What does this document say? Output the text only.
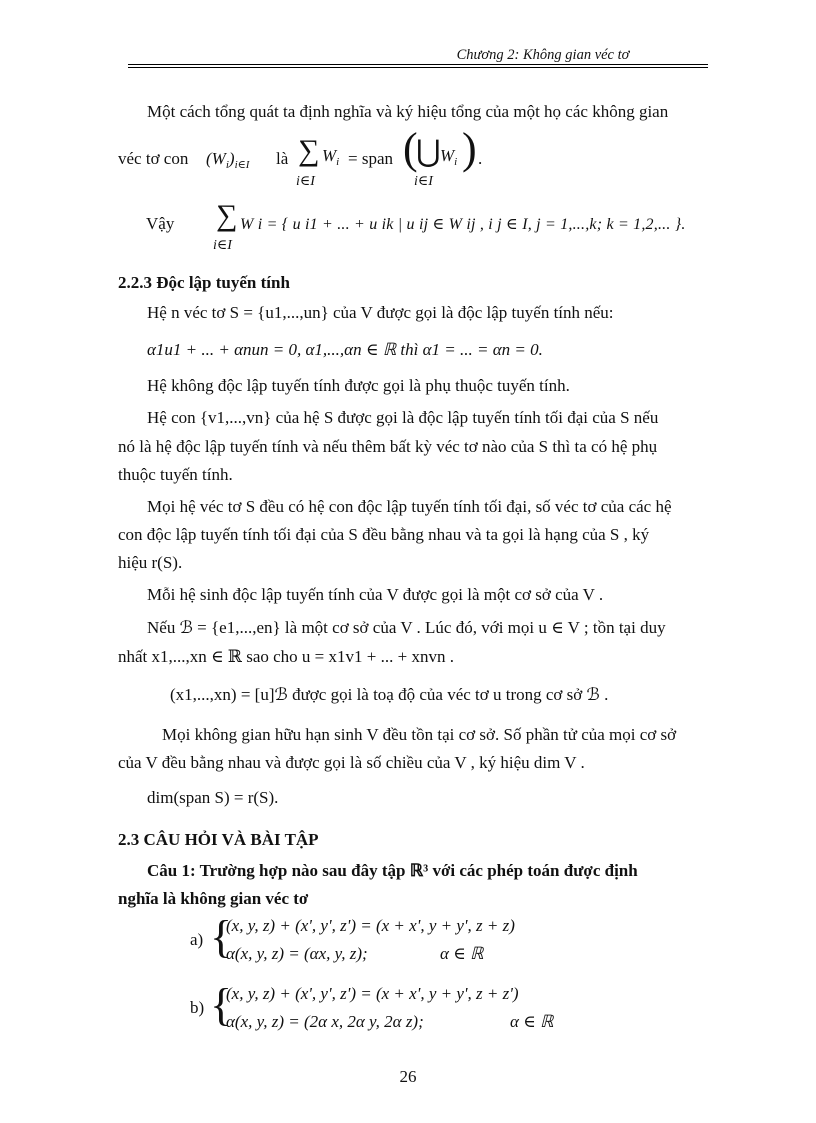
Chương 2: Không gian véc tơ
Một cách tổng quát ta định nghĩa và ký hiệu tổng của một họ các không gian
véc tơ con $(W_i)_{i\in I}$ là ∑
i∈I
$W_i$ = span (
⋃
i∈I
$W_i$ ) .
Vậy ∑
i∈I
W i = { u i1 + ... + u ik | u ij ∈ W ij , i j ∈ I, j = 1,...,k; k = 1,2,... }.
2.2.3 Độc lập tuyến tính
Hệ n véc tơ S = {u1,...,un} của V được gọi là độc lập tuyến tính nếu:
α1u1 + ... + αnun = 0, α1,...,αn ∈ ℝ thì α1 = ... = αn = 0.
Hệ không độc lập tuyến tính được gọi là phụ thuộc tuyến tính.
Hệ con {v1,...,vn} của hệ S được gọi là độc lập tuyến tính tối đại của S nếu
nó là hệ độc lập tuyến tính và nếu thêm bất kỳ véc tơ nào của S thì ta có hệ phụ
thuộc tuyến tính.
Mọi hệ véc tơ S đều có hệ con độc lập tuyến tính tối đại, số véc tơ của các hệ
con độc lập tuyến tính tối đại của S đều bằng nhau và ta gọi là hạng của S , ký
hiệu r(S).
Mỗi hệ sinh độc lập tuyến tính của V được gọi là một cơ sở của V .
Nếu ℬ = {e1,...,en} là một cơ sở của V . Lúc đó, với mọi u ∈ V ; tồn tại duy
nhất x1,...,xn ∈ ℝ sao cho u = x1v1 + ... + xnvn .
(x1,...,xn) = [u]ℬ được gọi là toạ độ của véc tơ u trong cơ sở ℬ .
Mọi không gian hữu hạn sinh V đều tồn tại cơ sở. Số phần tử của mọi cơ sở
của V đều bằng nhau và được gọi là số chiều của V , ký hiệu dim V .
dim(span S) = r(S).
2.3 CÂU HỎI VÀ BÀI TẬP
Câu 1: Trường hợp nào sau đây tập ℝ³ với các phép toán được định
nghĩa là không gian véc tơ
a) {
(x, y, z) + (x', y', z') = (x + x', y + y', z + z)
α(x, y, z) = (αx, y, z);	α ∈ ℝ
b) {
(x, y, z) + (x', y', z') = (x + x', y + y', z + z')
α(x, y, z) = (2α x, 2α y, 2α z);	α ∈ ℝ
26
